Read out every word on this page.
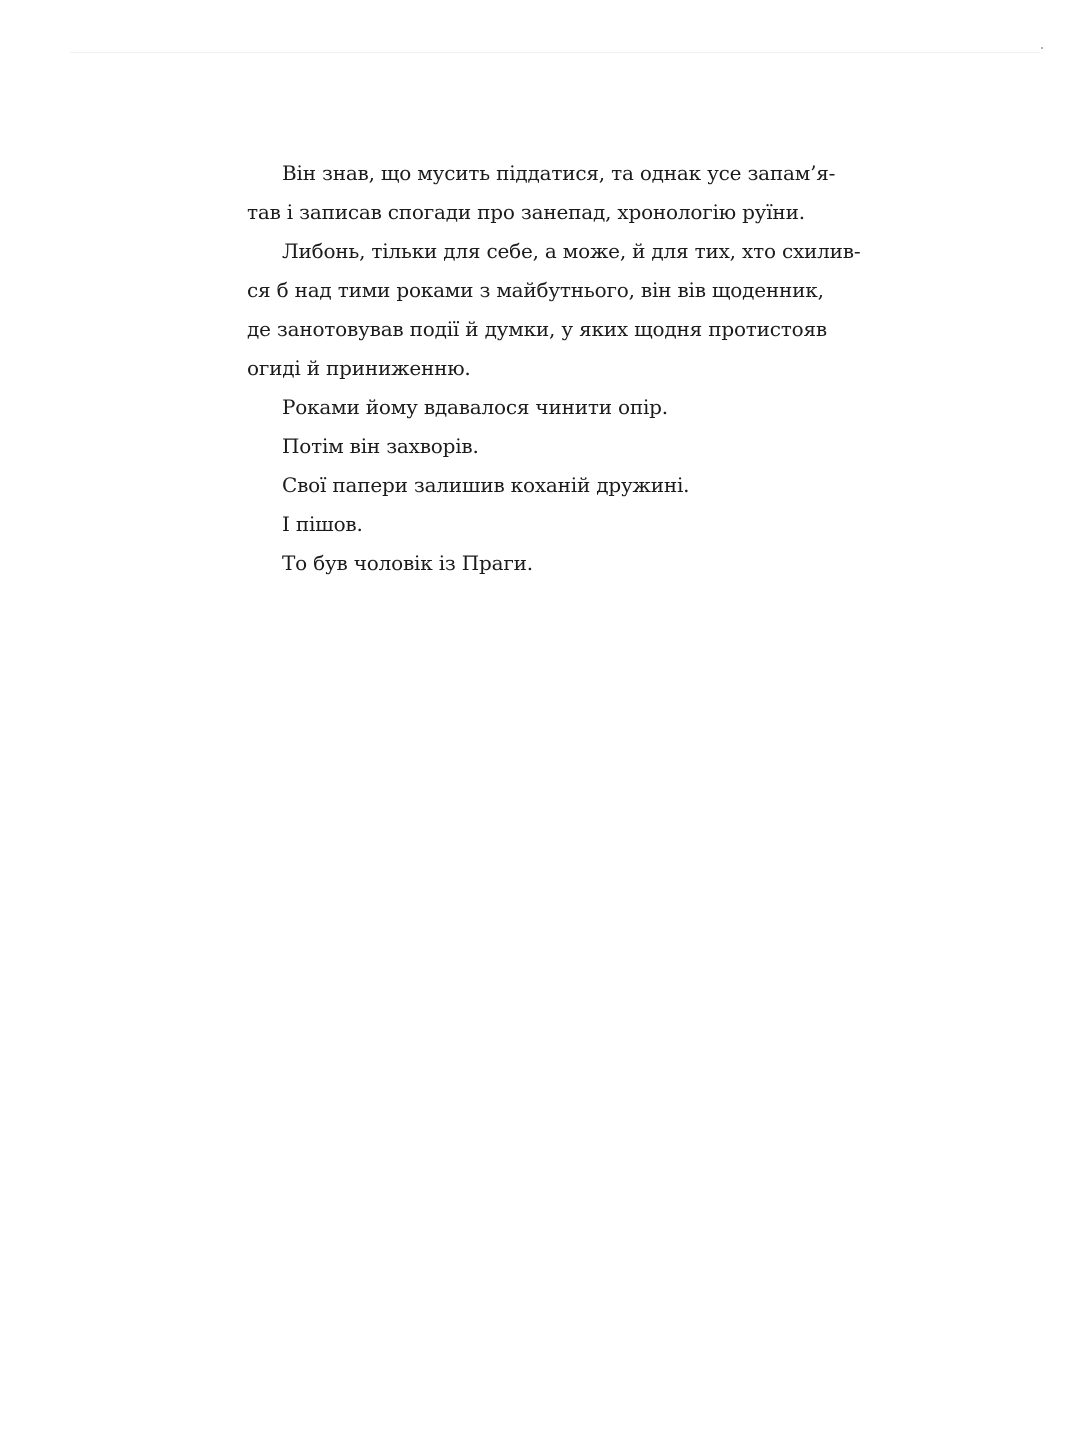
Він знав, що мусить піддатися, та однак усе запам’я-
тав і записав спогади про занепад, хронологію руїни.

Либонь, тільки для себе, а може, й для тих, хто схилив-
ся б над тими роками з майбутнього, він вів щоденник,
де занотовував події й думки, у яких щодня протистояв
огиді й приниженню.

Роками йому вдавалося чинити опір.

Потім він захворів.

Свої папери залишив коханій дружині.

І пішов.

То був чоловік із Праги.
